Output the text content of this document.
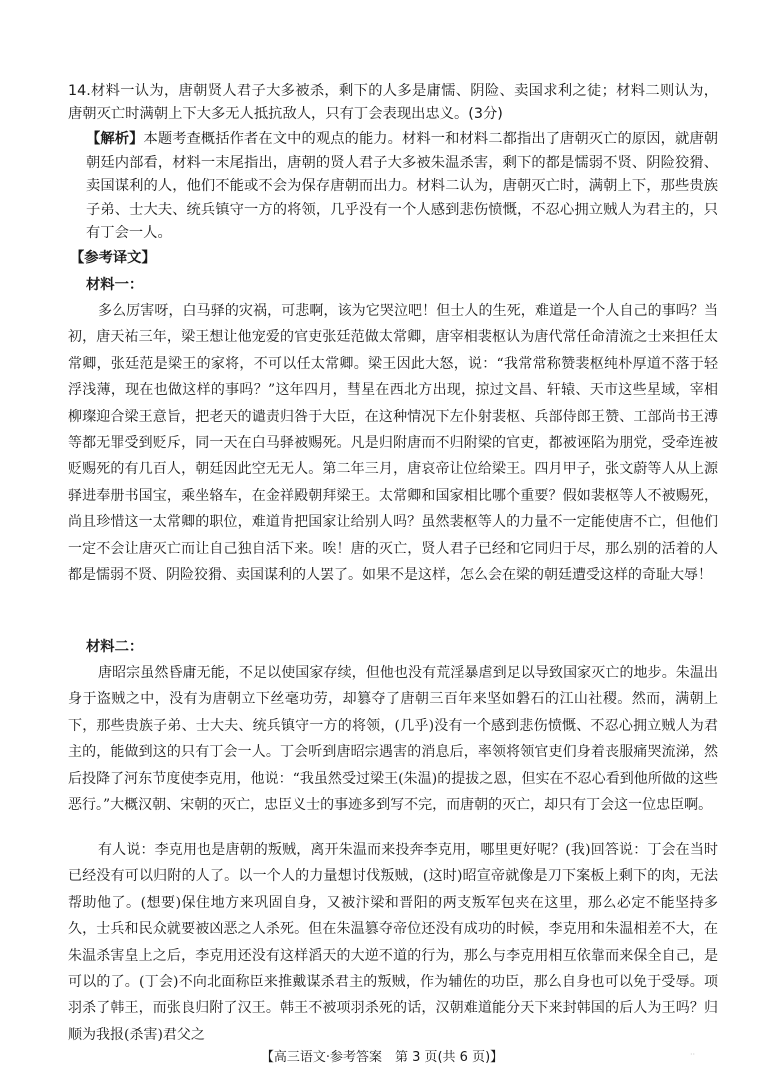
14.材料一认为，唐朝贤人君子大多被杀，剩下的人多是庸懦、阴险、卖国求利之徒；材料二则认为，唐朝灭亡时满朝上下大多无人抵抗敌人，只有丁会表现出忠义。(3分)
【解析】本题考查概括作者在文中的观点的能力。材料一和材料二都指出了唐朝灭亡的原因，就唐朝朝廷内部看，材料一末尾指出，唐朝的贤人君子大多被朱温杀害，剩下的都是懦弱不贤、阴险狡猾、卖国谋利的人，他们不能或不会为保存唐朝而出力。材料二认为，唐朝灭亡时，满朝上下，那些贵族子弟、士大夫、统兵镇守一方的将领，几乎没有一个人感到悲伤愤慨，不忍心拥立贼人为君主的，只有丁会一人。
【参考译文】
材料一：
多么厉害呀，白马驿的灾祸，可悲啊，该为它哭泣吧！但士人的生死，难道是一个人自己的事吗？当初，唐天祐三年，梁王想让他宠爱的官吏张廷范做太常卿，唐宰相裴枢认为唐代常任命清流之士来担任太常卿，张廷范是梁王的家将，不可以任太常卿。梁王因此大怒，说：“我常常称赞裴枢纯朴厚道不落于轻浮浅薄，现在也做这样的事吗？”这年四月，彗星在西北方出现，掠过文昌、轩辕、天市这些星域，宰相柳璨迎合梁王意旨，把老天的谴责归咎于大臣，在这种情况下左仆射裴枢、兵部侍郎王赞、工部尚书王溥等都无罪受到贬斥，同一天在白马驿被赐死。凡是归附唐而不归附梁的官吏，都被诬陷为朋党，受牵连被贬赐死的有几百人，朝廷因此空无无人。第二年三月，唐哀帝让位给梁王。四月甲子，张文蔚等人从上源驿进奉册书国宝，乘坐辂车，在金祥殿朝拜梁王。太常卿和国家相比哪个重要？假如裴枢等人不被赐死，尚且珍惜这一太常卿的职位，难道肯把国家让给别人吗？虽然裴枢等人的力量不一定能使唐不亡，但他们一定不会让唐灭亡而让自己独自活下来。唉！唐的灭亡，贤人君子已经和它同归于尽，那么别的活着的人都是懦弱不贤、阴险狡猾、卖国谋利的人罢了。如果不是这样，怎么会在梁的朝廷遭受这样的奇耻大辱！
材料二：
唐昭宗虽然昏庸无能，不足以使国家存续，但他也没有荒淫暴虐到足以导致国家灭亡的地步。朱温出身于盗贼之中，没有为唐朝立下丝毫功劳，却篡夺了唐朝三百年来坚如磐石的江山社稷。然而，满朝上下，那些贵族子弟、士大夫、统兵镇守一方的将领，(几乎)没有一个感到悲伤愤慨、不忍心拥立贼人为君主的，能做到这的只有丁会一人。丁会听到唐昭宗遇害的消息后，率领将领官吏们身着丧服痛哭流涕，然后投降了河东节度使李克用，他说：“我虽然受过梁王(朱温)的提拔之恩，但实在不忍心看到他所做的这些恶行。”大概汉朝、宋朝的灭亡，忠臣义士的事迹多到写不完，而唐朝的灭亡，却只有丁会这一位忠臣啊。
有人说：李克用也是唐朝的叛贼，离开朱温而来投奔李克用，哪里更好呢？(我)回答说：丁会在当时已经没有可以归附的人了。以一个人的力量想讨伐叛贼，(这时)昭宣帝就像是刀下案板上剩下的肉，无法帮助他了。(想要)保住地方来巩固自身，又被汴梁和晋阳的两支叛军包夹在这里，那么必定不能坚持多久，士兵和民众就要被凶恶之人杀死。但在朱温篡夺帝位还没有成功的时候，李克用和朱温相差不大，在朱温杀害皇上之后，李克用还没有这样滔天的大逆不道的行为，那么与李克用相互依靠而来保全自己，是可以的了。(丁会)不向北面称臣来推戴谋杀君主的叛贼，作为辅佐的功臣，那么自身也可以免于受辱。项羽杀了韩王，而张良归附了汉王。韩王不被项羽杀死的话，汉朝难道能分天下来封韩国的后人为王吗？归顺为我报(杀害)君父之
【高三语文·参考答案　第 3 页(共 6 页)】	··
